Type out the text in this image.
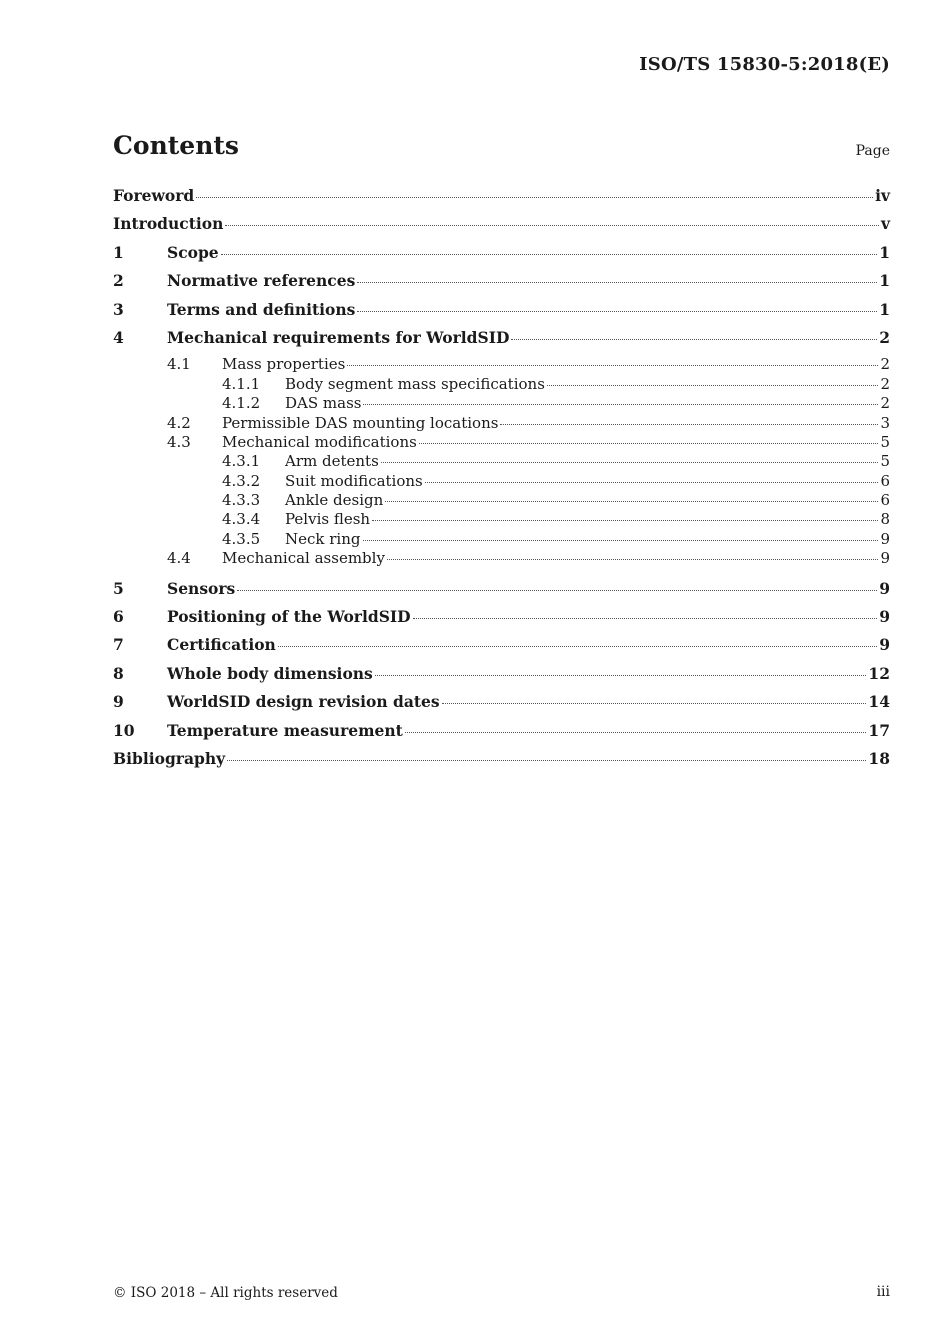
ISO/TS 15830-5:2018(E)
Contents	Page
Foreword	iv
Introduction	v
1	Scope	1
2	Normative references	1
3	Terms and definitions	1
4	Mechanical requirements for WorldSID	2
4.1	Mass properties	2
4.1.1	Body segment mass specifications	2
4.1.2	DAS mass	2
4.2	Permissible DAS mounting locations	3
4.3	Mechanical modifications	5
4.3.1	Arm detents	5
4.3.2	Suit modifications	6
4.3.3	Ankle design	6
4.3.4	Pelvis flesh	8
4.3.5	Neck ring	9
4.4	Mechanical assembly	9
5	Sensors	9
6	Positioning of the WorldSID	9
7	Certification	9
8	Whole body dimensions	12
9	WorldSID design revision dates	14
10	Temperature measurement	17
Bibliography	18
© ISO 2018 – All rights reserved	iii
